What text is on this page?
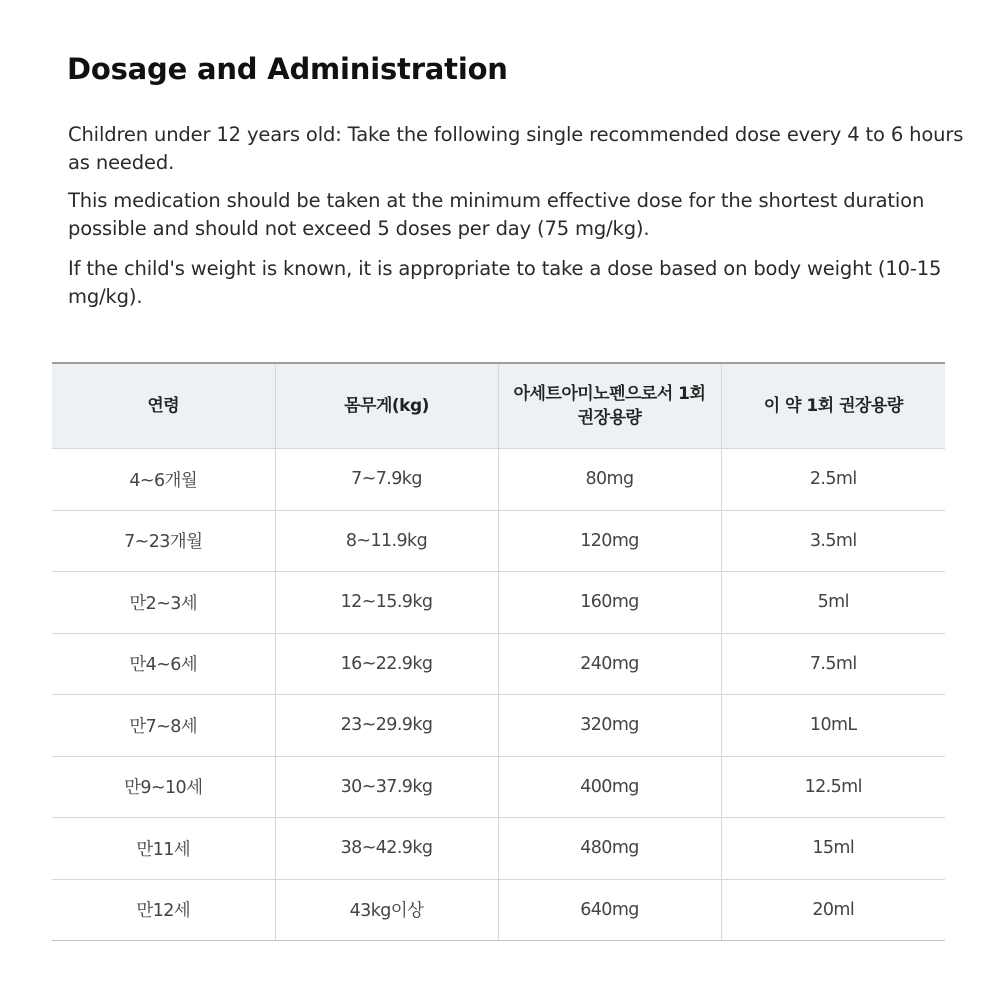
Dosage and Administration

Children under 12 years old: Take the following single recommended dose every 4 to 6 hours as needed.

This medication should be taken at the minimum effective dose for the shortest duration possible and should not exceed 5 doses per day (75 mg/kg).

If the child's weight is known, it is appropriate to take a dose based on body weight (10-15 mg/kg).

연령	몸무게(kg)	아세트아미노펜으로서 1회 권장용량	이 약 1회 권장용량
4~6개월	7~7.9kg	80mg	2.5ml
7~23개월	8~11.9kg	120mg	3.5ml
만2~3세	12~15.9kg	160mg	5ml
만4~6세	16~22.9kg	240mg	7.5ml
만7~8세	23~29.9kg	320mg	10mL
만9~10세	30~37.9kg	400mg	12.5ml
만11세	38~42.9kg	480mg	15ml
만12세	43kg이상	640mg	20ml
